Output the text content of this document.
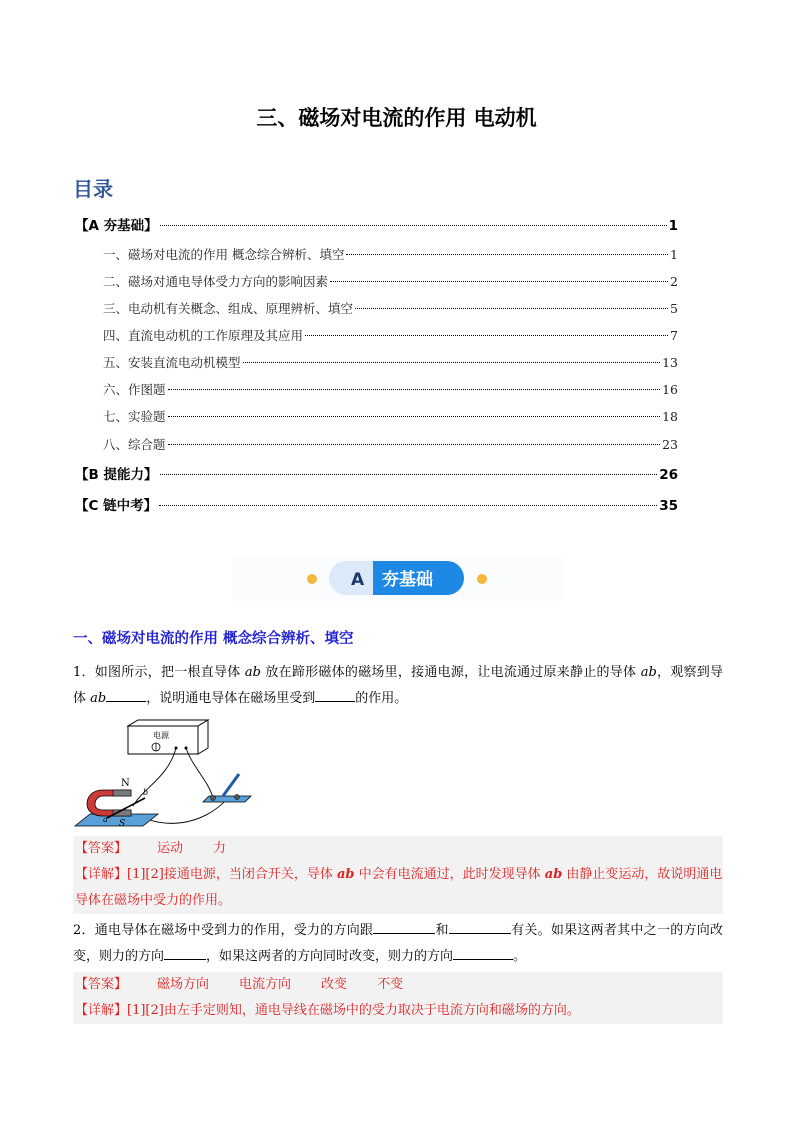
三、磁场对电流的作用 电动机
目录
【A 夯基础】	1
一、磁场对电流的作用 概念综合辨析、填空	1
二、磁场对通电导体受力方向的影响因素	2
三、电动机有关概念、组成、原理辨析、填空	5
四、直流电动机的工作原理及其应用	7
五、安装直流电动机模型	13
六、作图题	16
七、实验题	18
八、综合题	23
【B 提能力】	26
【C 链中考】	35
A 夯基础
一、磁场对电流的作用 概念综合辨析、填空
1．如图所示，把一根直导体 ab 放在蹄形磁体的磁场里，接通电源，让电流通过原来静止的导体 ab，观察到导体 ab	，说明通电导体在磁场里受到	的作用。
电源
N
S
a
b
【答案】 运动 力
【详解】[1][2]接通电源，当闭合开关，导体 ab 中会有电流通过，此时发现导体 ab 由静止变运动，故说明通电导体在磁场中受力的作用。
2．通电导体在磁场中受到力的作用，受力的方向跟	和	有关。如果这两者其中之一的方向改变，则力的方向	，如果这两者的方向同时改变，则力的方向	。
【答案】 磁场方向 电流方向 改变 不变
【详解】[1][2]由左手定则知，通电导线在磁场中的受力取决于电流方向和磁场的方向。
